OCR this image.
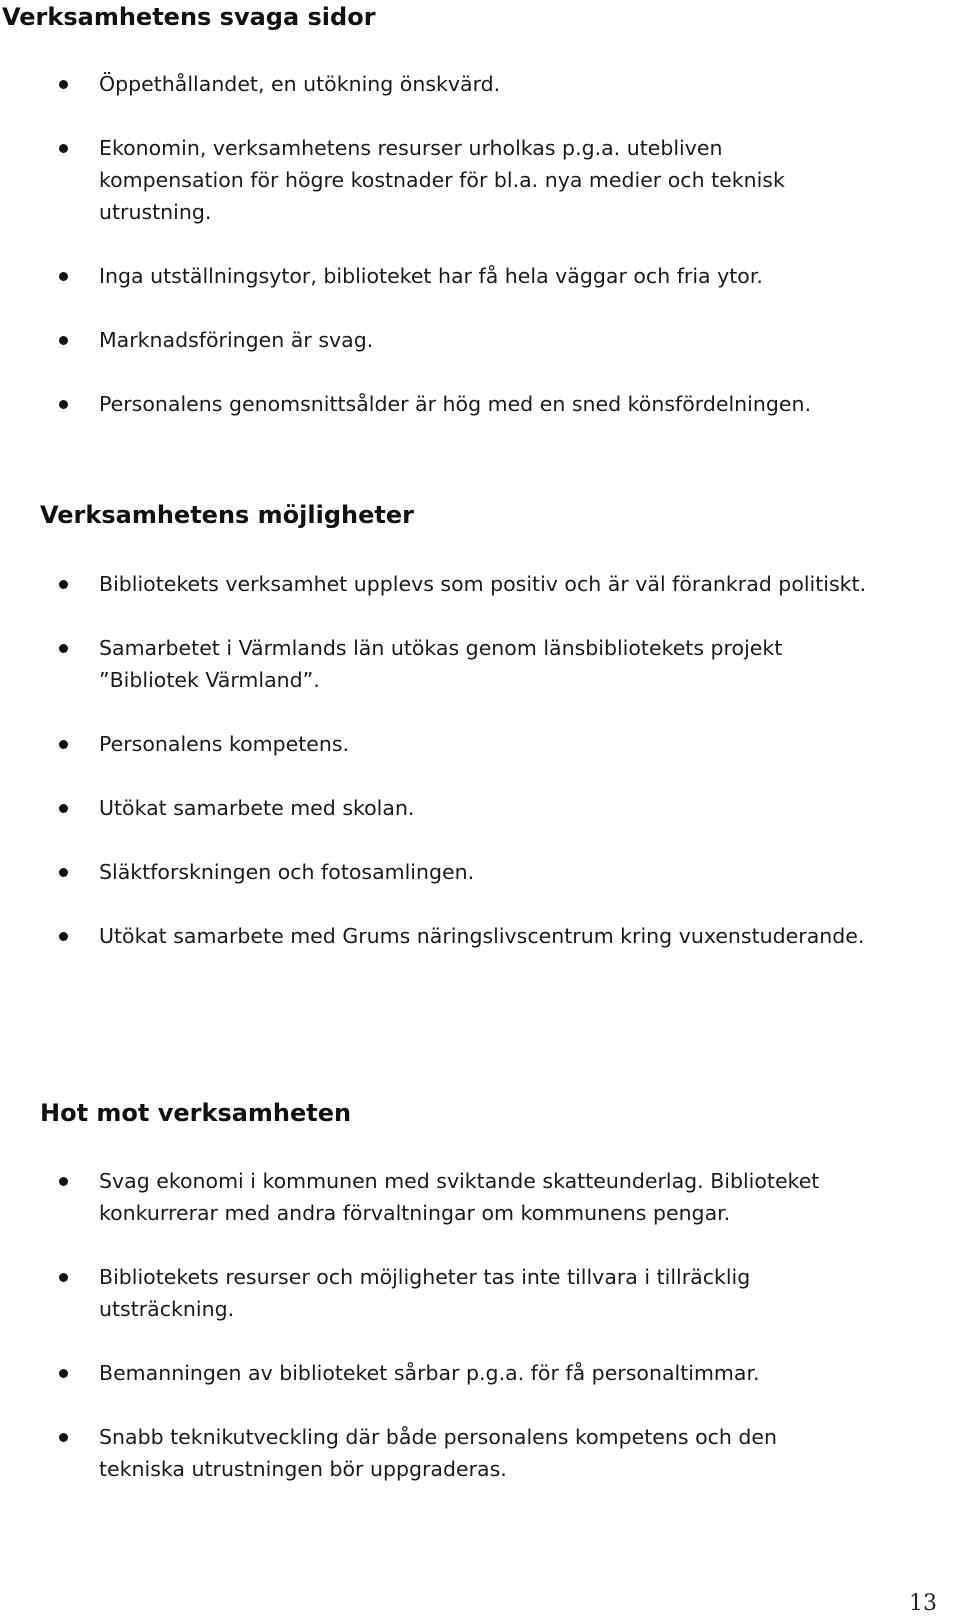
Verksamhetens svaga sidor
Öppethållandet, en utökning önskvärd.
Ekonomin, verksamhetens resurser urholkas p.g.a. utebliven kompensation för högre kostnader för bl.a. nya medier och teknisk utrustning.
Inga utställningsytor, biblioteket har få hela väggar och fria ytor.
Marknadsföringen är svag.
Personalens genomsnittsålder är hög med en sned könsfördelningen.
Verksamhetens möjligheter
Bibliotekets verksamhet upplevs som positiv och är väl förankrad politiskt.
Samarbetet i Värmlands län utökas genom länsbibliotekets projekt ”Bibliotek Värmland”.
Personalens kompetens.
Utökat samarbete med skolan.
Släktforskningen och fotosamlingen.
Utökat samarbete med Grums näringslivscentrum kring vuxenstuderande.
Hot mot verksamheten
Svag ekonomi i kommunen med sviktande skatteunderlag. Biblioteket konkurrerar med andra förvaltningar om kommunens pengar.
Bibliotekets resurser och möjligheter tas inte tillvara i tillräcklig utsträckning.
Bemanningen av biblioteket sårbar p.g.a. för få personaltimmar.
Snabb teknikutveckling där både personalens kompetens och den tekniska utrustningen bör uppgraderas.
13
